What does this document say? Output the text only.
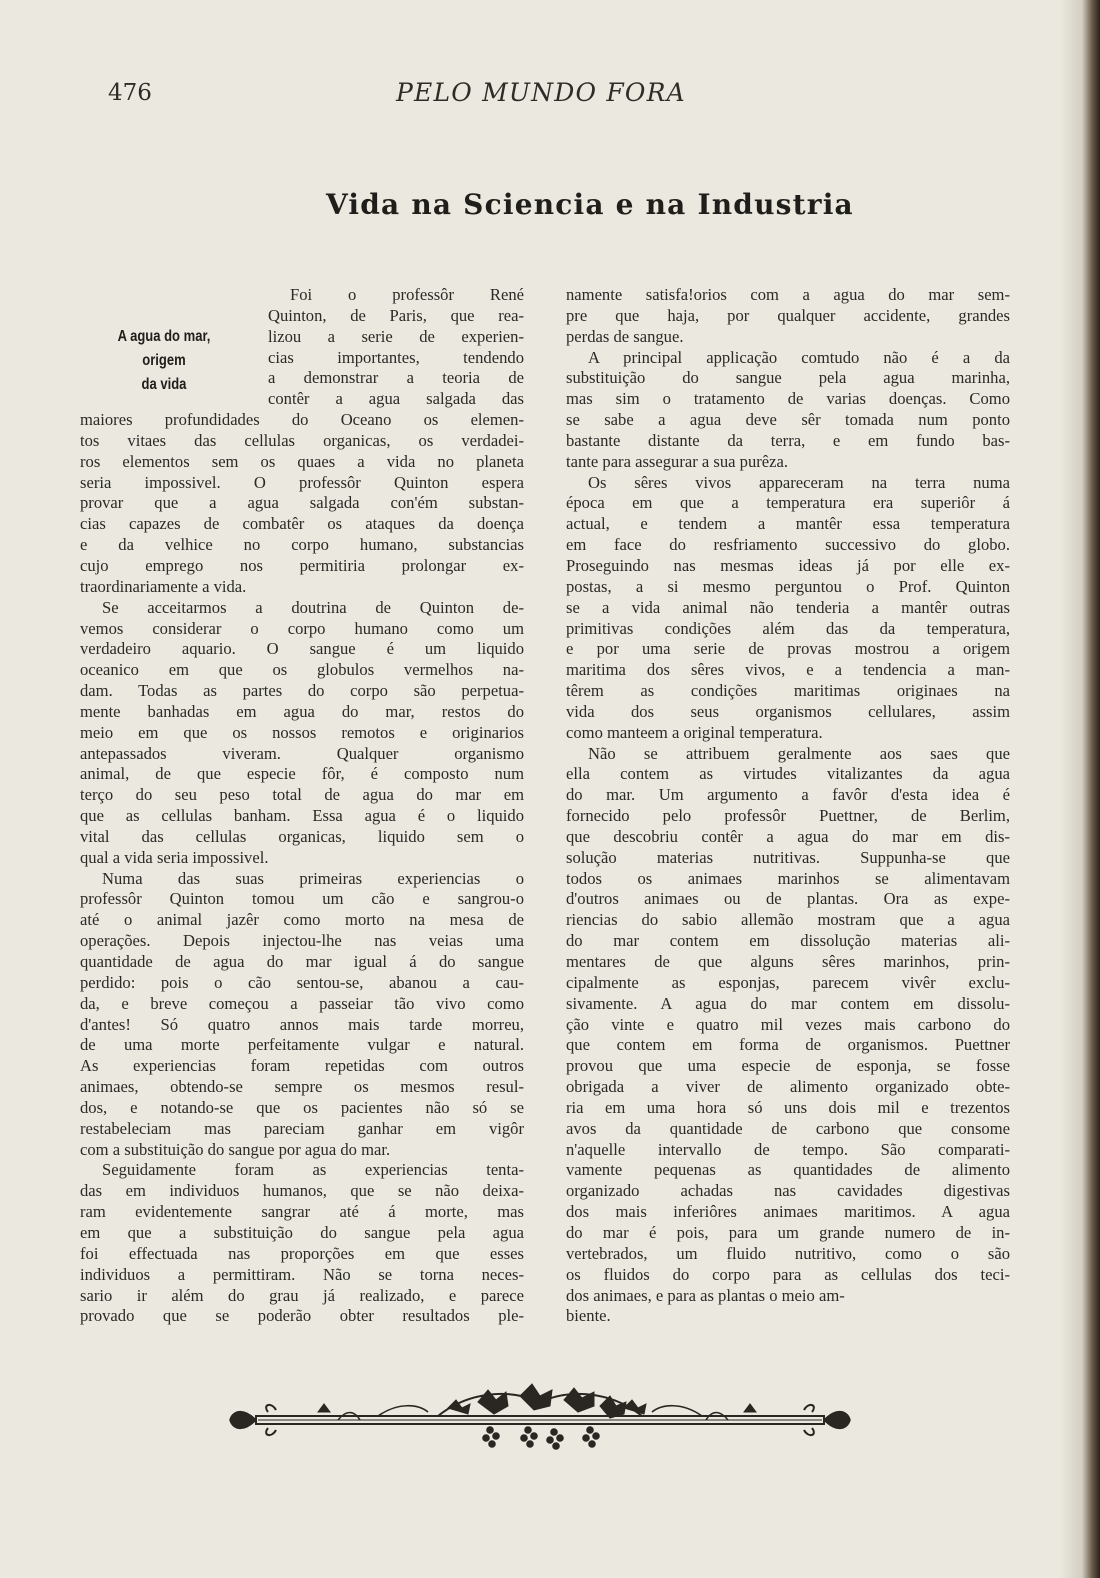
476	PELO MUNDO FORA
Vida na Sciencia e na Industria
A agua do mar, origem
da vida
Foi o professôr René
Quinton, de Paris, que rea-
lizou a serie de experien-
cias importantes, tendendo
a demonstrar a teoria de
contêr a agua salgada das
maiores profundidades do Oceano os elemen-
tos vitaes das cellulas organicas, os verdadei-
ros elementos sem os quaes a vida no planeta
seria impossivel. O professôr Quinton espera
provar que a agua salgada con'ém substan-
cias capazes de combatêr os ataques da doença
e da velhice no corpo humano, substancias
cujo emprego nos permitiria prolongar ex-
traordinariamente a vida.
Se acceitarmos a doutrina de Quinton de-
vemos considerar o corpo humano como um
verdadeiro aquario. O sangue é um liquido
oceanico em que os globulos vermelhos na-
dam. Todas as partes do corpo são perpetua-
mente banhadas em agua do mar, restos do
meio em que os nossos remotos e originarios
antepassados viveram. Qualquer organismo
animal, de que especie fôr, é composto num
terço do seu peso total de agua do mar em
que as cellulas banham. Essa agua é o liquido
vital das cellulas organicas, liquido sem o
qual a vida seria impossivel.
Numa das suas primeiras experiencias o
professôr Quinton tomou um cão e sangrou-o
até o animal jazêr como morto na mesa de
operações. Depois injectou-lhe nas veias uma
quantidade de agua do mar igual á do sangue
perdido: pois o cão sentou-se, abanou a cau-
da, e breve começou a passeiar tão vivo como
d'antes! Só quatro annos mais tarde morreu,
de uma morte perfeitamente vulgar e natural.
As experiencias foram repetidas com outros
animaes, obtendo-se sempre os mesmos resul-
dos, e notando-se que os pacientes não só se
restabeleciam mas pareciam ganhar em vigôr
com a substituição do sangue por agua do mar.
Seguidamente foram as experiencias tenta-
das em individuos humanos, que se não deixa-
ram evidentemente sangrar até á morte, mas
em que a substituição do sangue pela agua
foi effectuada nas proporções em que esses
individuos a permittiram. Não se torna neces-
sario ir além do grau já realizado, e parece
provado que se poderão obter resultados ple-
namente satisfa!orios com a agua do mar sem-
pre que haja, por qualquer accidente, grandes
perdas de sangue.
A principal applicação comtudo não é a da
substituição do sangue pela agua marinha,
mas sim o tratamento de varias doenças. Como
se sabe a agua deve sêr tomada num ponto
bastante distante da terra, e em fundo bas-
tante para assegurar a sua purêza.
Os sêres vivos appareceram na terra numa
época em que a temperatura era superiôr á
actual, e tendem a mantêr essa temperatura
em face do resfriamento successivo do globo.
Proseguindo nas mesmas ideas já por elle ex-
postas, a si mesmo perguntou o Prof. Quinton
se a vida animal não tenderia a mantêr outras
primitivas condições além das da temperatura,
e por uma serie de provas mostrou a origem
maritima dos sêres vivos, e a tendencia a man-
têrem as condições maritimas originaes na
vida dos seus organismos cellulares, assim
como manteem a original temperatura.
Não se attribuem geralmente aos saes que
ella contem as virtudes vitalizantes da agua
do mar. Um argumento a favôr d'esta idea é
fornecido pelo professôr Puettner, de Berlim,
que descobriu contêr a agua do mar em dis-
solução materias nutritivas. Suppunha-se que
todos os animaes marinhos se alimentavam
d'outros animaes ou de plantas. Ora as expe-
riencias do sabio allemão mostram que a agua
do mar contem em dissolução materias ali-
mentares de que alguns sêres marinhos, prin-
cipalmente as esponjas, parecem vivêr exclu-
sivamente. A agua do mar contem em dissolu-
ção vinte e quatro mil vezes mais carbono do
que contem em forma de organismos. Puettner
provou que uma especie de esponja, se fosse
obrigada a viver de alimento organizado obte-
ria em uma hora só uns dois mil e trezentos
avos da quantidade de carbono que consome
n'aquelle intervallo de tempo. São comparati-
vamente pequenas as quantidades de alimento
organizado achadas nas cavidades digestivas
dos mais inferiôres animaes maritimos. A agua
do mar é pois, para um grande numero de in-
vertebrados, um fluido nutritivo, como o são
os fluidos do corpo para as cellulas dos teci-
dos animaes, e para as plantas o meio am-
biente.
